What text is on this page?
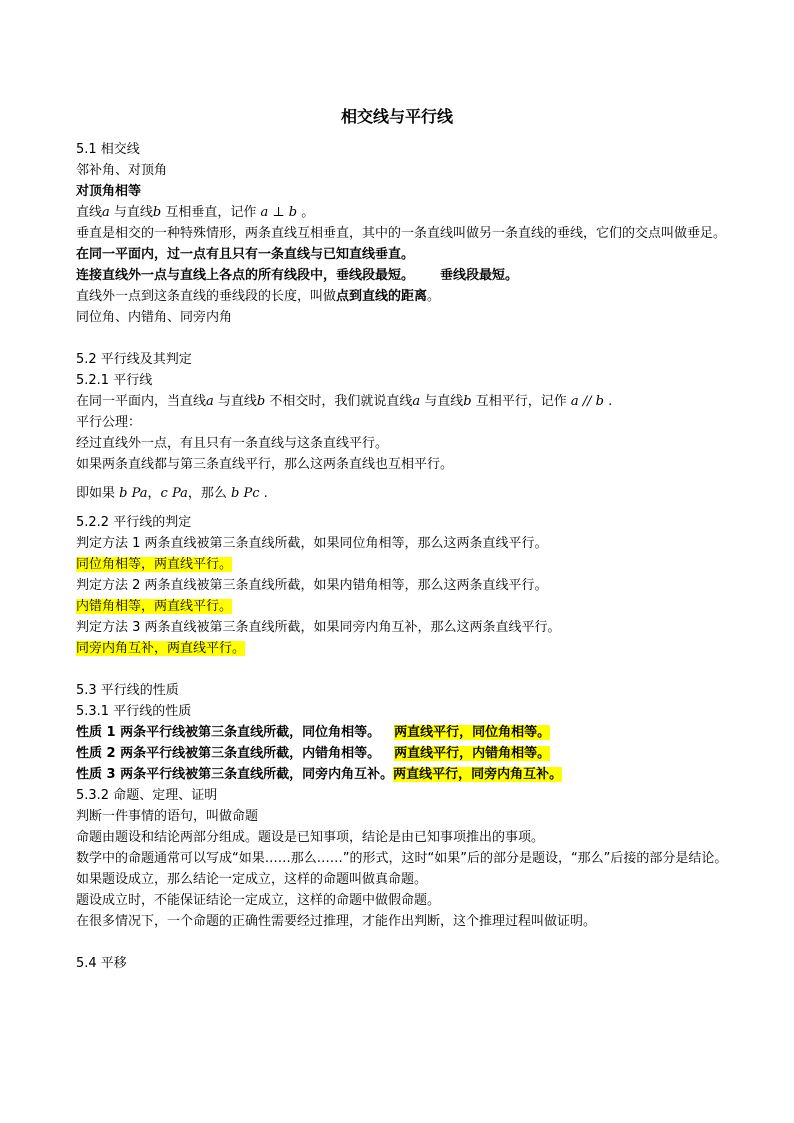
相交线与平行线
5.1 相交线
邻补角、对顶角
对顶角相等
直线a 与直线b 互相垂直，记作 a ⊥ b 。
垂直是相交的一种特殊情形，两条直线互相垂直，其中的一条直线叫做另一条直线的垂线，它们的交点叫做垂足。
在同一平面内，过一点有且只有一条直线与已知直线垂直。
连接直线外一点与直线上各点的所有线段中，垂线段最短。 垂线段最短。
直线外一点到这条直线的垂线段的长度，叫做点到直线的距离。
同位角、内错角、同旁内角
5.2 平行线及其判定
5.2.1 平行线
在同一平面内，当直线a 与直线b 不相交时，我们就说直线a 与直线b 互相平行，记作 a // b .
平行公理：
经过直线外一点，有且只有一条直线与这条直线平行。
如果两条直线都与第三条直线平行，那么这两条直线也互相平行。
即如果 b Pa，c Pa，那么 b Pc .
5.2.2 平行线的判定
判定方法 1 两条直线被第三条直线所截，如果同位角相等，那么这两条直线平行。
同位角相等，两直线平行。
判定方法 2 两条直线被第三条直线所截，如果内错角相等，那么这两条直线平行。
内错角相等，两直线平行。
判定方法 3 两条直线被第三条直线所截，如果同旁内角互补，那么这两条直线平行。
同旁内角互补，两直线平行。
5.3 平行线的性质
5.3.1 平行线的性质
性质 1 两条平行线被第三条直线所截，同位角相等。 两直线平行，同位角相等。
性质 2 两条平行线被第三条直线所截，内错角相等。 两直线平行，内错角相等。
性质 3 两条平行线被第三条直线所截，同旁内角互补。两直线平行，同旁内角互补。
5.3.2 命题、定理、证明
判断一件事情的语句，叫做命题
命题由题设和结论两部分组成。题设是已知事项，结论是由已知事项推出的事项。
数学中的命题通常可以写成“如果……那么……”的形式，这时“如果”后的部分是题设，“那么”后接的部分是结论。
如果题设成立，那么结论一定成立，这样的命题叫做真命题。
题设成立时，不能保证结论一定成立，这样的命题中做假命题。
在很多情况下，一个命题的正确性需要经过推理，才能作出判断，这个推理过程叫做证明。
5.4 平移
